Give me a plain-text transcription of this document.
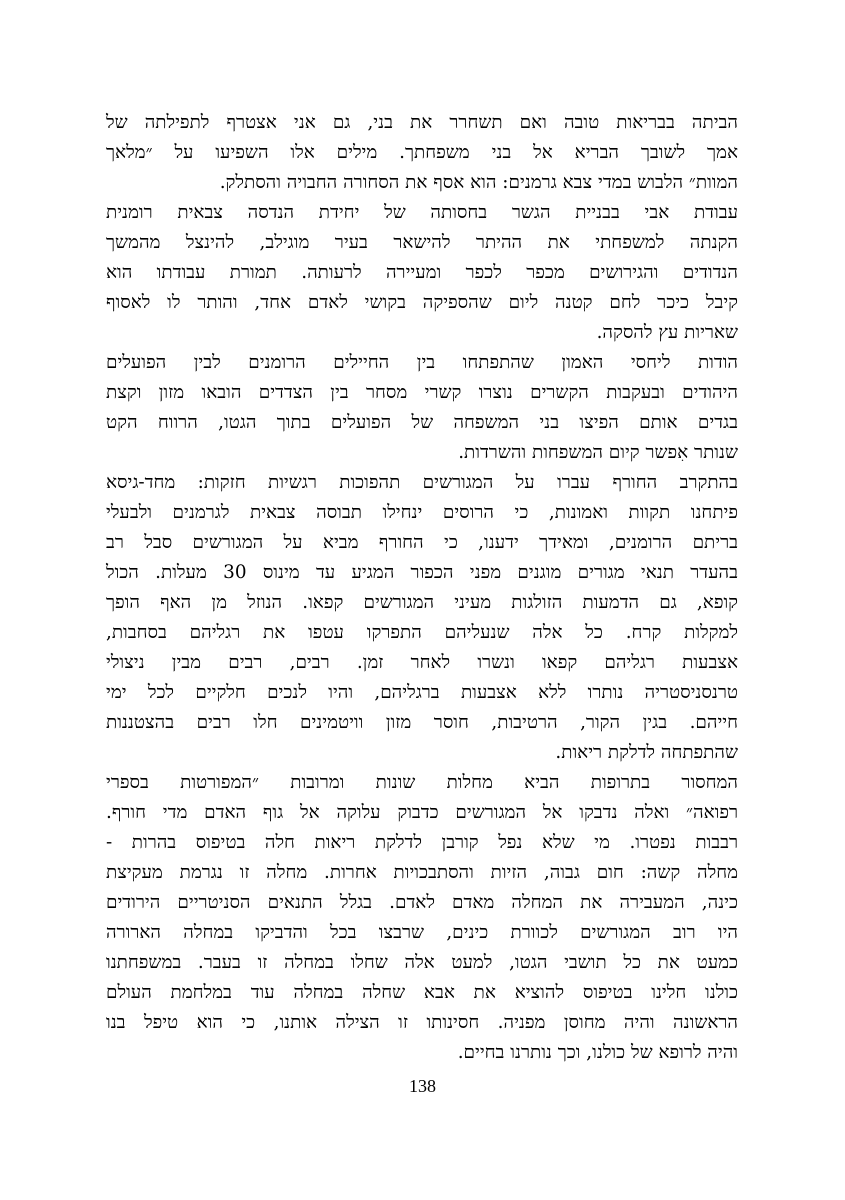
הביתה בבריאות טובה ואם תשחרר את בני, גם אני אצטרף לתפילתה של
אמך לשובך הבריא אל בני משפחתך. מילים אלו השפיעו על ״מלאך
המוות״ הלבוש במדי צבא גרמנים: הוא אסף את הסחורה החבויה והסתלק.
עבודת אבי בבניית הגשר בחסותה של יחידת הנדסה צבאית רומנית
הקנתה למשפחתי את ההיתר להישאר בעיר מוגילב, להינצל מהמשך
הנדודים והגירושים מכפר לכפר ומעיירה לרעותה. תמורת עבודתו הוא
קיבל כיכר לחם קטנה ליום שהספיקה בקושי לאדם אחד, והותר לו לאסוף
שאריות עץ להסקה.
הודות ליחסי האמון שהתפתחו בין החיילים הרומנים לבין הפועלים
היהודים ובעקבות הקשרים נוצרו קשרי מסחר בין הצדדים הובאו מזון וקצת
בגדים אותם הפיצו בני המשפחה של הפועלים בתוך הגטו, הרווח הקט
שנותר אִפשר קיום המשפחות והשרדות.
בהתקרב החורף עברו על המגורשים תהפוכות רגשיות חזקות: מחד-גיסא
פיתחנו תקוות ואמונות, כי הרוסים ינחילו תבוסה צבאית לגרמנים ולבעלי
בריתם הרומנים, ומאידך ידענו, כי החורף מביא על המגורשים סבל רב
בהעדר תנאי מגורים מוגנים מפני הכפור המגיע עד מינוס 30 מעלות. הכול
קופא, גם הדמעות הזולגות מעיני המגורשים קפאו. הנוזל מן האף הופך
למקלות קרח. כל אלה שנעליהם התפרקו עטפו את רגליהם בסחבות,
אצבעות רגליהם קפאו ונשרו לאחר זמן. רבים, רבים מבין ניצולי
טרנסניסטריה נותרו ללא אצבעות ברגליהם, והיו לנכים חלקיים לכל ימי
חייהם. בגין הקור, הרטיבות, חוסר מזון וויטמינים חלו רבים בהצטננות
שהתפתחה לדלקת ריאות.
המחסור בתרופות הביא מחלות שונות ומרובות ״המפורטות בספרי
רפואה״ ואלה נדבקו אל המגורשים כדבוק עלוקה אל גוף האדם מדי חורף.
רבבות נפטרו. מי שלא נפל קורבן לדלקת ריאות חלה בטיפוס בהרות -
מחלה קשה: חום גבוה, הזיות והסתבכויות אחרות. מחלה זו נגרמת מעקיצת
כינה, המעבירה את המחלה מאדם לאדם. בגלל התנאים הסניטריים הירודים
היו רוב המגורשים לכוורת כינים, שרבצו בכל והדביקו במחלה הארורה
כמעט את כל תושבי הגטו, למעט אלה שחלו במחלה זו בעבר. במשפחתנו
כולנו חלינו בטיפוס להוציא את אבא שחלה במחלה עוד במלחמת העולם
הראשונה והיה מחוסן מפניה. חסינותו זו הצילה אותנו, כי הוא טיפל בנו
והיה לרופא של כולנו, וכך נותרנו בחיים.
138
